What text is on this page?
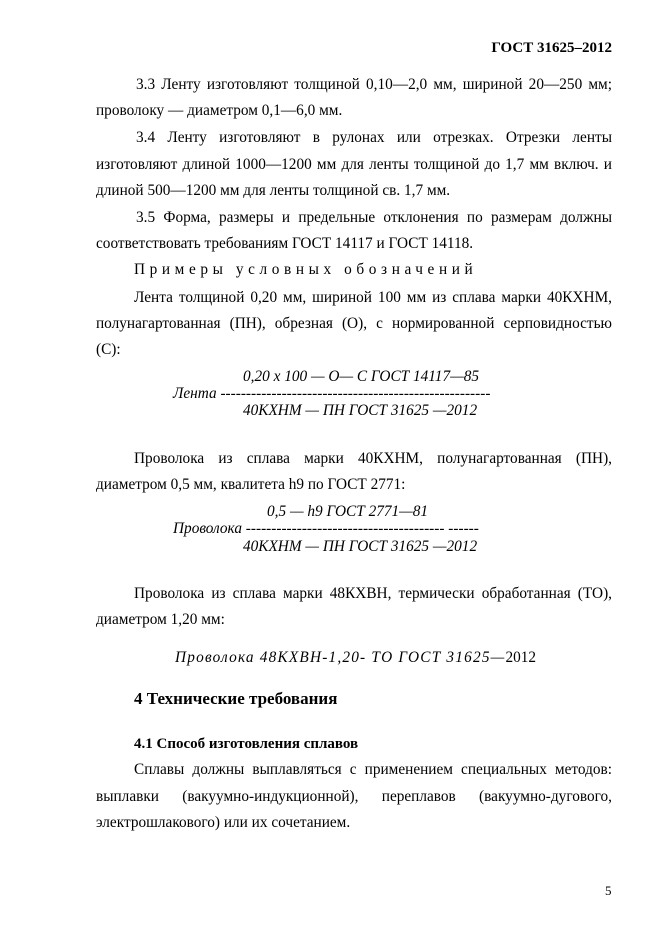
ГОСТ 31625–2012
3.3 Ленту изготовляют толщиной 0,10—2,0 мм, шириной 20—250 мм;
проволоку — диаметром 0,1—6,0 мм.
3.4 Ленту изготовляют в рулонах или отрезках. Отрезки ленты
изготовляют длиной 1000—1200 мм для ленты толщиной до 1,7 мм включ. и
длиной 500—1200 мм для ленты толщиной св. 1,7 мм.
3.5 Форма, размеры и предельные отклонения по размерам должны
соответствовать требованиям ГОСТ 14117 и ГОСТ 14118.
Примеры условных обозначений
Лента толщиной 0,20 мм, шириной 100 мм из сплава марки 40КХНМ,
полунагартованная (ПН), обрезная (О), с нормированной серповидностью
(С):
0,20 х 100 — О— С ГОСТ 14117—85
Лента -----------------------------------------------------
40КХНМ — ПН ГОСТ 31625 —2012
Проволока из сплава марки 40КХНМ, полунагартованная (ПН),
диаметром 0,5 мм, квалитета h9 по ГОСТ 2771:
0,5 — h9 ГОСТ 2771—81
Проволока --------------------------------------- ------
40КХНМ — ПН ГОСТ 31625 —2012
Проволока из сплава марки 48КХВН, термически обработанная (ТО),
диаметром 1,20 мм:
Проволока 48КХВН-1,20- ТО ГОСТ 31625—2012
4 Технические требования
4.1 Способ изготовления сплавов
Сплавы должны выплавляться с применением специальных методов:
выплавки (вакуумно-индукционной), переплавов (вакуумно-дугового,
электрошлакового) или их сочетанием.
5
